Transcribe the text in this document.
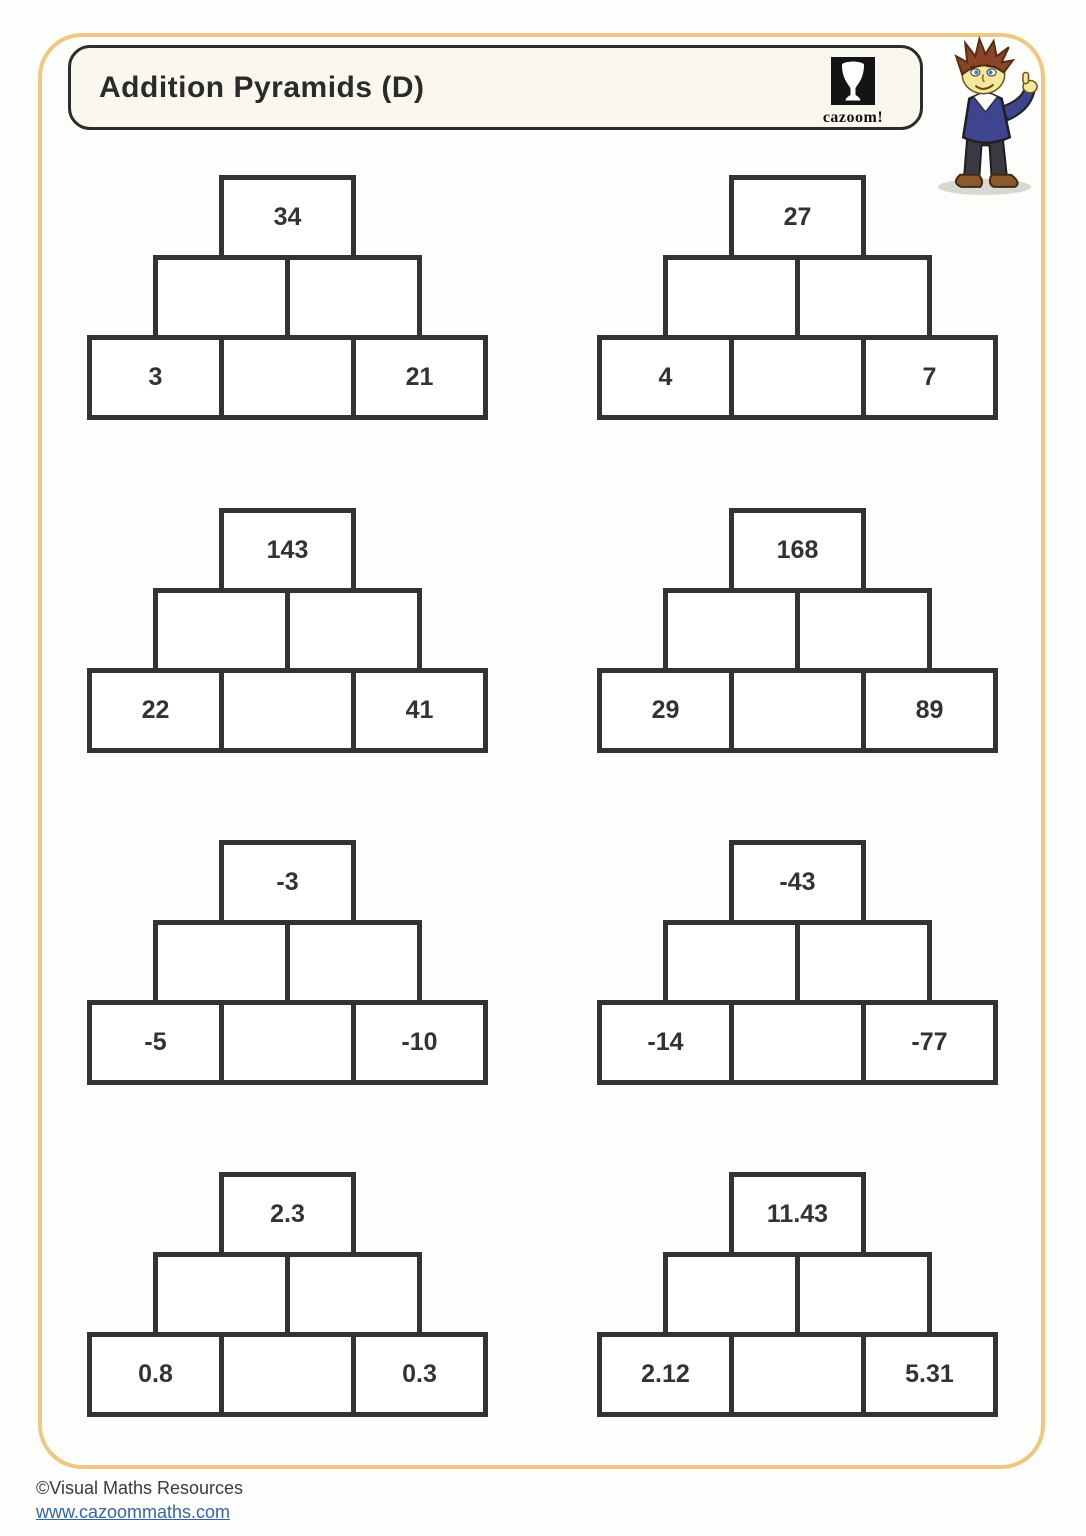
Addition Pyramids (D)
cazoom!
34
3	21
27
4	7
143
22	41
168
29	89
-3
-5	-10
-43
-14	-77
2.3
0.8	0.3
11.43
2.12	5.31
©Visual Maths Resources
www.cazoommaths.com
